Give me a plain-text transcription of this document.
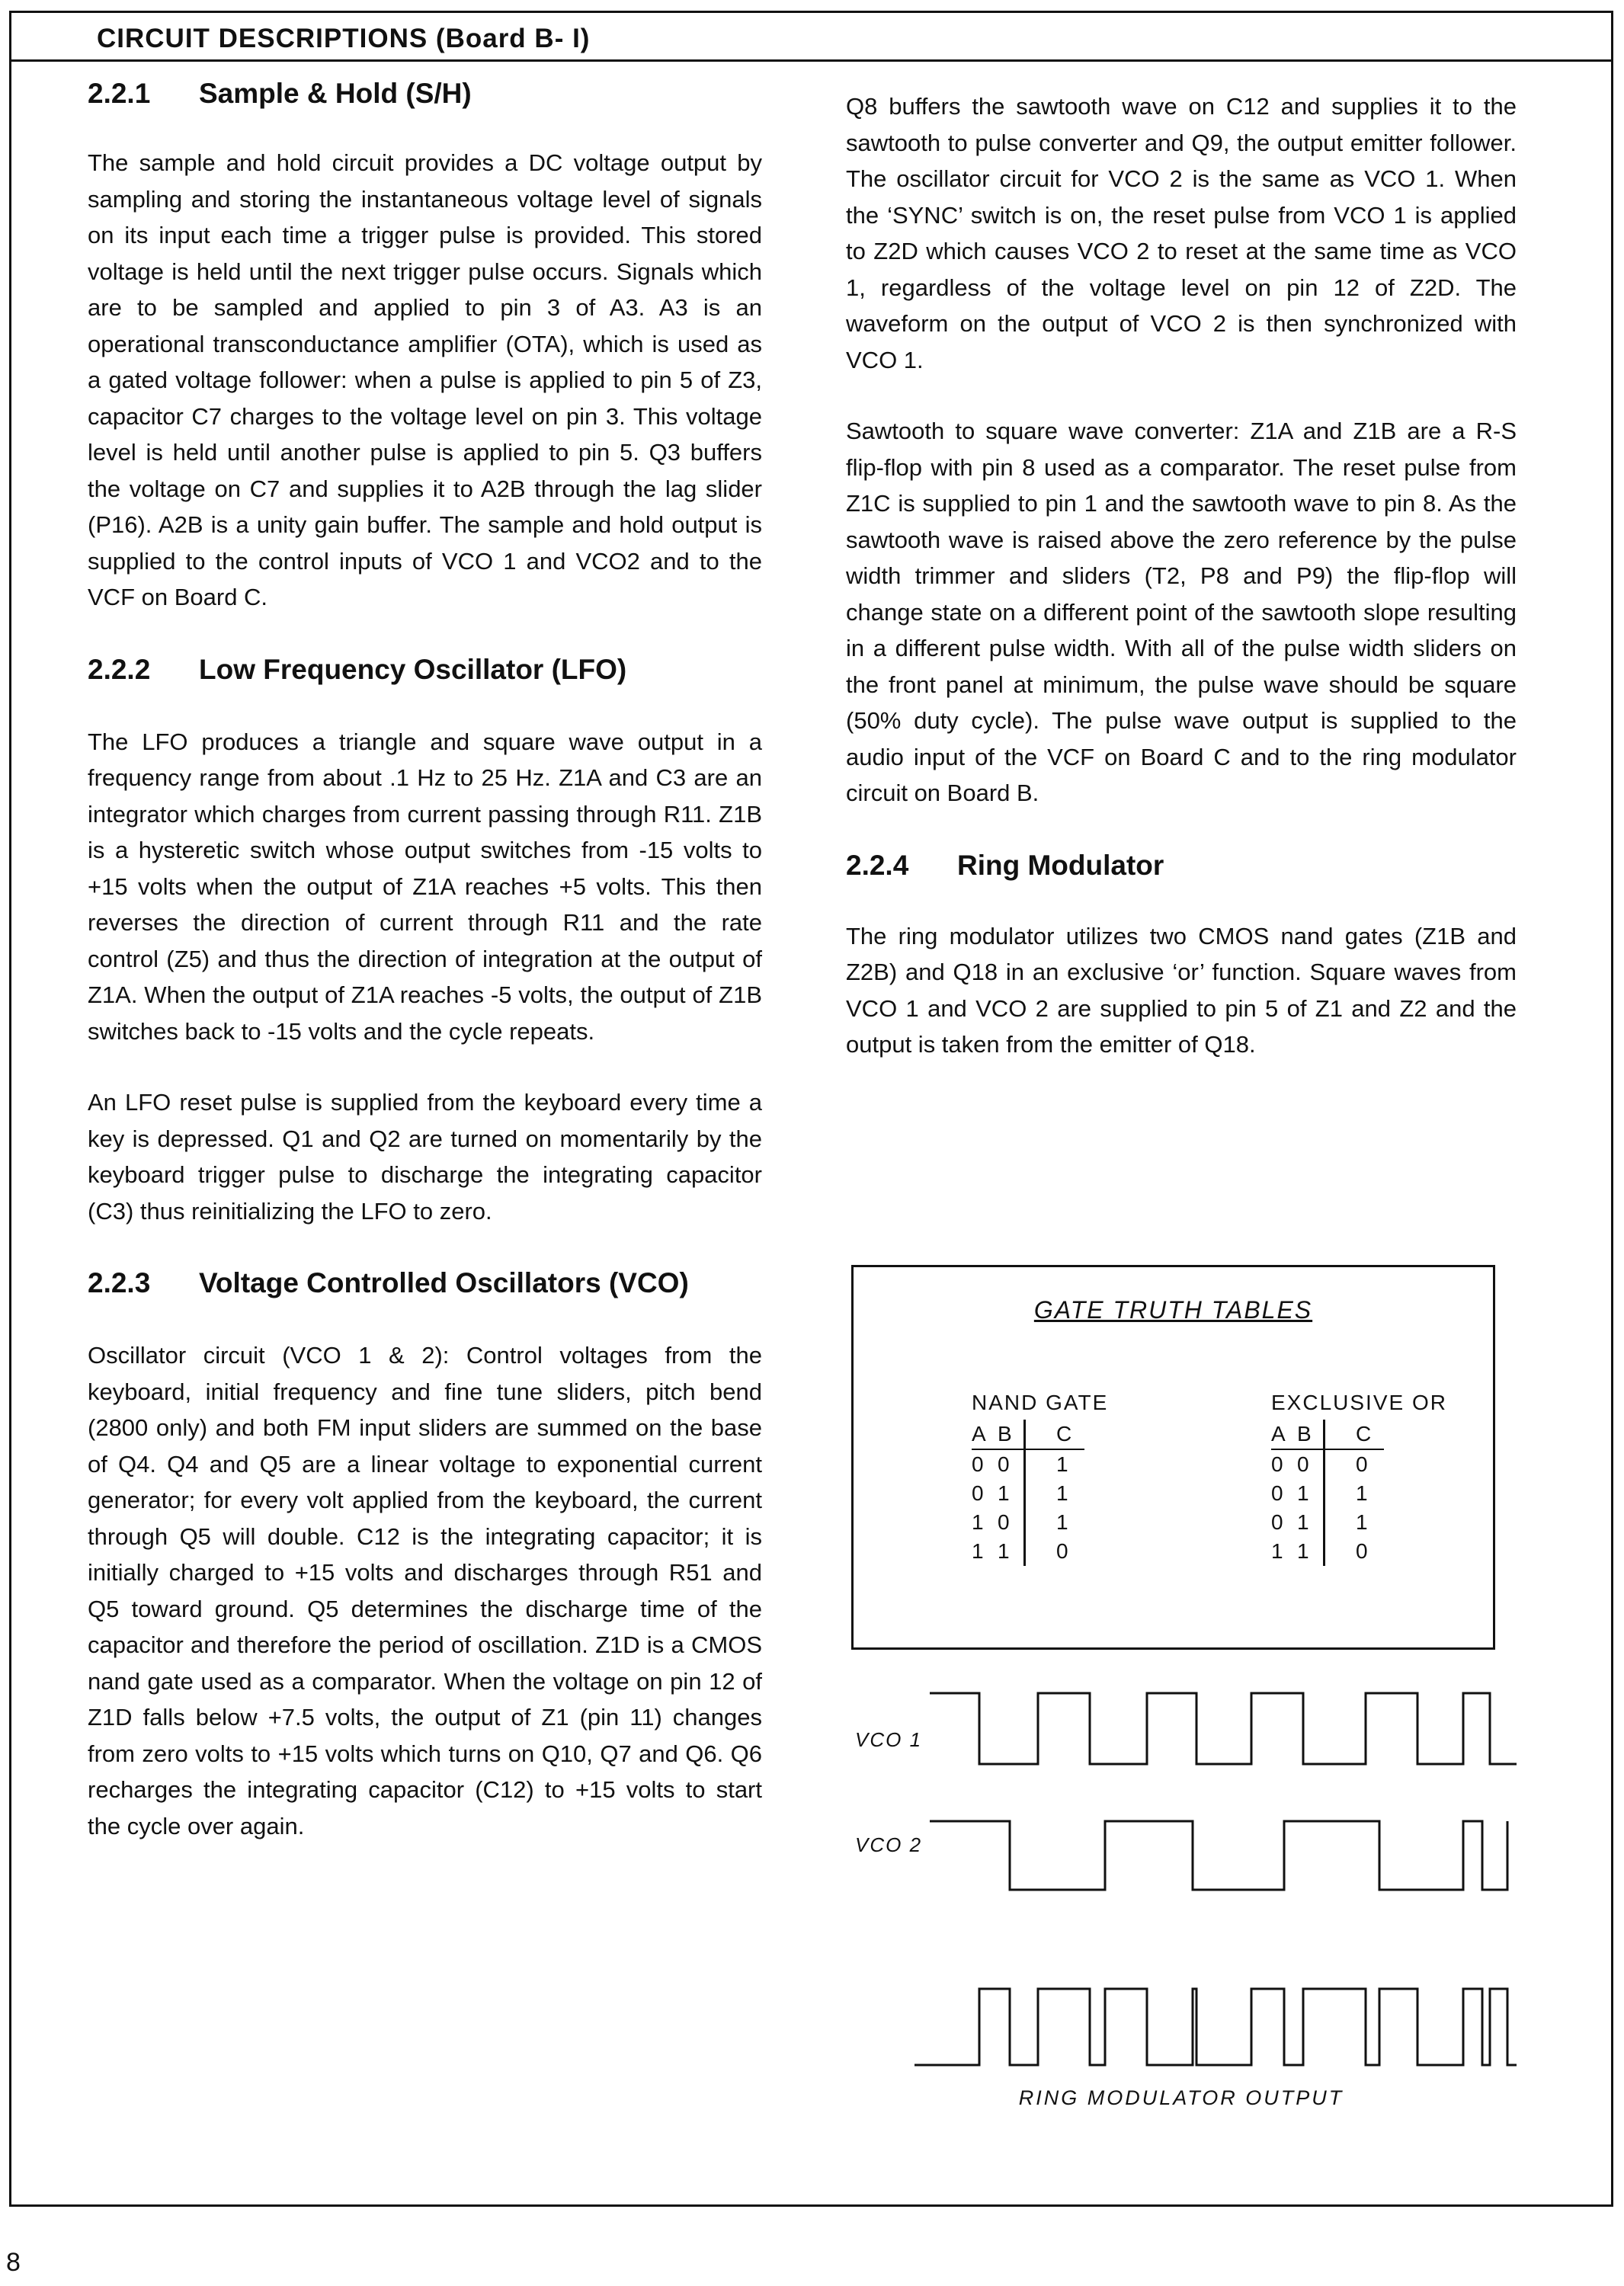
CIRCUIT DESCRIPTIONS (Board B- I)
2.2.1 Sample & Hold (S/H)

The sample and hold circuit provides a DC voltage output by sampling and storing the instantaneous voltage level of signals on its input each time a trigger pulse is provided. This stored voltage is held until the next trigger pulse occurs. Signals which are to be sampled and applied to pin 3 of A3. A3 is an operational transconductance amplifier (OTA), which is used as a gated voltage follower: when a pulse is applied to pin 5 of Z3, capacitor C7 charges to the voltage level on pin 3. This voltage level is held until another pulse is applied to pin 5. Q3 buffers the voltage on C7 and supplies it to A2B through the lag slider (P16). A2B is a unity gain buffer. The sample and hold output is supplied to the control inputs of VCO 1 and VCO2 and to the VCF on Board C.

2.2.2 Low Frequency Oscillator (LFO)

The LFO produces a triangle and square wave output in a frequency range from about .1 Hz to 25 Hz. Z1A and C3 are an integrator which charges from current passing through R11. Z1B is a hysteretic switch whose output switches from -15 volts to +15 volts when the output of Z1A reaches +5 volts. This then reverses the direction of current through R11 and the rate control (Z5) and thus the direction of integration at the output of Z1A. When the output of Z1A reaches -5 volts, the output of Z1B switches back to -15 volts and the cycle repeats.

An LFO reset pulse is supplied from the keyboard every time a key is depressed. Q1 and Q2 are turned on momentarily by the keyboard trigger pulse to discharge the integrating capacitor (C3) thus reinitializing the LFO to zero.

2.2.3 Voltage Controlled Oscillators (VCO)

Oscillator circuit (VCO 1 & 2): Control voltages from the keyboard, initial frequency and fine tune sliders, pitch bend (2800 only) and both FM input sliders are summed on the base of Q4. Q4 and Q5 are a linear voltage to exponential current generator; for every volt applied from the keyboard, the current through Q5 will double. C12 is the integrating capacitor; it is initially charged to +15 volts and discharges through R51 and Q5 toward ground. Q5 determines the discharge time of the capacitor and therefore the period of oscillation. Z1D is a CMOS nand gate used as a comparator. When the voltage on pin 12 of Z1D falls below +7.5 volts, the output of Z1 (pin 11) changes from zero volts to +15 volts which turns on Q10, Q7 and Q6. Q6 recharges the integrating capacitor (C12) to +15 volts to start the cycle over again.

Q8 buffers the sawtooth wave on C12 and supplies it to the sawtooth to pulse converter and Q9, the output emitter follower. The oscillator circuit for VCO 2 is the same as VCO 1. When the ‘SYNC’ switch is on, the reset pulse from VCO 1 is applied to Z2D which causes VCO 2 to reset at the same time as VCO 1, regardless of the voltage level on pin 12 of Z2D. The waveform on the output of VCO 2 is then synchronized with VCO 1.

Sawtooth to square wave converter: Z1A and Z1B are a R-S flip-flop with pin 8 used as a comparator. The reset pulse from Z1C is supplied to pin 1 and the sawtooth wave to pin 8. As the sawtooth wave is raised above the zero reference by the pulse width trimmer and sliders (T2, P8 and P9) the flip-flop will change state on a different point of the sawtooth slope resulting in a different pulse width. With all of the pulse width sliders on the front panel at minimum, the pulse wave should be square (50% duty cycle). The pulse wave output is supplied to the audio input of the VCF on Board C and to the ring modulator circuit on Board B.

2.2.4 Ring Modulator

The ring modulator utilizes two CMOS nand gates (Z1B and Z2B) and Q18 in an exclusive ‘or’ function. Square waves from VCO 1 and VCO 2 are supplied to pin 5 of Z1 and Z2 and the output is taken from the emitter of Q18.

GATE TRUTH TABLES
NAND GATE
A B	C
0 0	1
0 1	1
1 0	1
1 1	0
EXCLUSIVE OR
A B	C
0 0	0
0 1	1
0 1	1
1 1	0
VCO 1
VCO 2
RING MODULATOR OUTPUT
8
